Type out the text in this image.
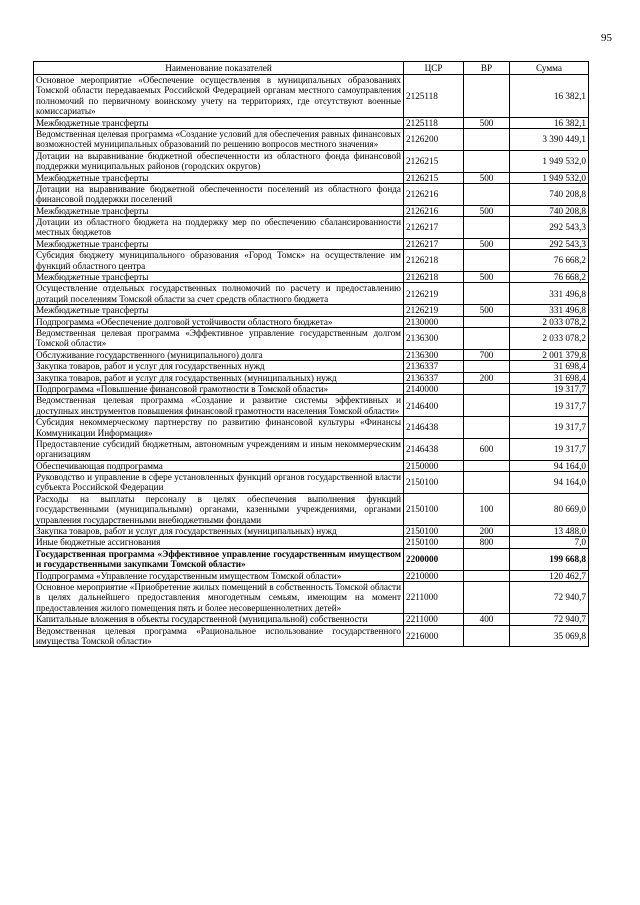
95
Наименование показателей	ЦСР	ВР	Сумма
Основное мероприятие «Обеспечение осуществления в муниципальных образованиях Томской области передаваемых Российской Федерацией органам местного самоуправления полномочий по первичному воинскому учету на территориях, где отсутствуют военные комиссариаты»	2125118		16 382,1
Межбюджетные трансферты	2125118	500	16 382,1
Ведомственная целевая программа «Создание условий для обеспечения равных финансовых возможностей муниципальных образований по решению вопросов местного значения»	2126200		3 390 449,1
Дотации на выравнивание бюджетной обеспеченности из областного фонда финансовой поддержки муниципальных районов (городских округов)	2126215		1 949 532,0
Межбюджетные трансферты	2126215	500	1 949 532,0
Дотации на выравнивание бюджетной обеспеченности поселений из областного фонда финансовой поддержки поселений	2126216		740 208,8
Межбюджетные трансферты	2126216	500	740 208,8
Дотации из областного бюджета на поддержку мер по обеспечению сбалансированности местных бюджетов	2126217		292 543,3
Межбюджетные трансферты	2126217	500	292 543,3
Субсидия бюджету муниципального образования «Город Томск» на осуществление им функций областного центра	2126218		76 668,2
Межбюджетные трансферты	2126218	500	76 668,2
Осуществление отдельных государственных полномочий по расчету и предоставлению дотаций поселениям Томской области за счет средств областного бюджета	2126219		331 496,8
Межбюджетные трансферты	2126219	500	331 496,8
Подпрограмма «Обеспечение долговой устойчивости областного бюджета»	2130000		2 033 078,2
Ведомственная целевая программа «Эффективное управление государственным долгом Томской области»	2136300		2 033 078,2
Обслуживание государственного (муниципального) долга	2136300	700	2 001 379,8
Закупка товаров, работ и услуг для государственных нужд	2136337		31 698,4
Закупка товаров, работ и услуг для государственных (муниципальных) нужд	2136337	200	31 698,4
Подпрограмма «Повышение финансовой грамотности в Томской области»	2140000		19 317,7
Ведомственная целевая программа «Создание и развитие системы эффективных и доступных инструментов повышения финансовой грамотности населения Томской области»	2146400		19 317,7
Субсидия некоммерческому партнерству по развитию финансовой культуры «Финансы Коммуникации Информация»	2146438		19 317,7
Предоставление субсидий бюджетным, автономным учреждениям и иным некоммерческим организациям	2146438	600	19 317,7
Обеспечивающая подпрограмма	2150000		94 164,0
Руководство и управление в сфере установленных функций органов государственной власти субъекта Российской Федерации	2150100		94 164,0
Расходы на выплаты персоналу в целях обеспечения выполнения функций государственными (муниципальными) органами, казенными учреждениями, органами управления государственными внебюджетными фондами	2150100	100	80 669,0
Закупка товаров, работ и услуг для государственных (муниципальных) нужд	2150100	200	13 488,0
Иные бюджетные ассигнования	2150100	800	7,0
Государственная программа «Эффективное управление государственным имуществом и государственными закупками Томской области»	2200000		199 668,8
Подпрограмма «Управление государственным имуществом Томской области»	2210000		120 462,7
Основное мероприятие «Приобретение жилых помещений в собственность Томской области в целях дальнейшего предоставления многодетным семьям, имеющим на момент предоставления жилого помещения пять и более несовершеннолетних детей»	2211000		72 940,7
Капитальные вложения в объекты государственной (муниципальной) собственности	2211000	400	72 940,7
Ведомственная целевая программа «Рациональное использование государственного имущества Томской области»	2216000		35 069,8
